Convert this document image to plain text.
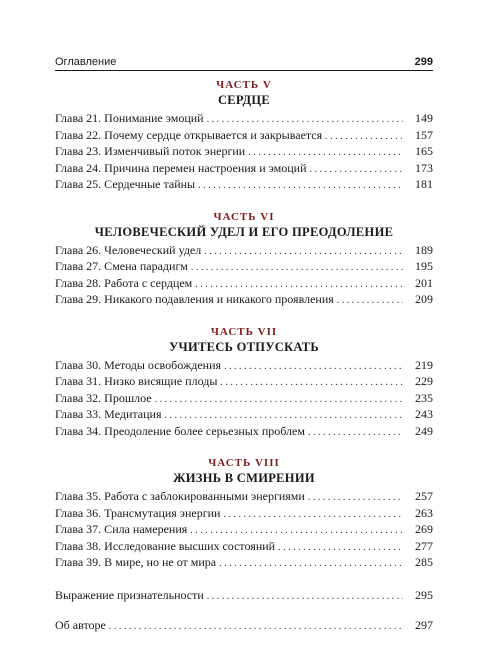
Оглавление	299
ЧАСТЬ V
СЕРДЦЕ
Глава 21. Понимание эмоций . . .	149
Глава 22. Почему сердце открывается и закрывается . . .	157
Глава 23. Изменчивый поток энергии . . .	165
Глава 24. Причина перемен настроения и эмоций . . .	173
Глава 25. Сердечные тайны . . .	181
ЧАСТЬ VI
ЧЕЛОВЕЧЕСКИЙ УДЕЛ И ЕГО ПРЕОДОЛЕНИЕ
Глава 26. Человеческий удел . . .	189
Глава 27. Смена парадигм . . .	195
Глава 28. Работа с сердцем . . .	201
Глава 29. Никакого подавления и никакого проявления . . .	209
ЧАСТЬ VII
УЧИТЕСЬ ОТПУСКАТЬ
Глава 30. Методы освобождения . . .	219
Глава 31. Низко висящие плоды . . .	229
Глава 32. Прошлое . . .	235
Глава 33. Медитация . . .	243
Глава 34. Преодоление более серьезных проблем . . .	249
ЧАСТЬ VIII
ЖИЗНЬ В СМИРЕНИИ
Глава 35. Работа с заблокированными энергиями . . .	257
Глава 36. Трансмутация энергии . . .	263
Глава 37. Сила намерения . . .	269
Глава 38. Исследование высших состояний . . .	277
Глава 39. В мире, но не от мира . . .	285
Выражение признательности . . .	295
Об авторе . . .	297
